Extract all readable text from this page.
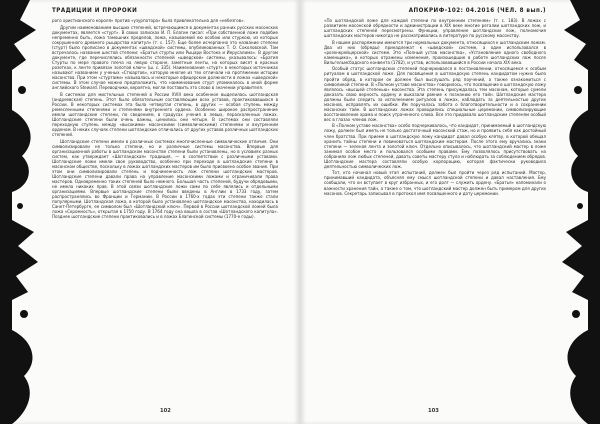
ТРАДИЦИИ И ПРОРОКИ

рого христианского короля» против «узурпатора» была привлекательна для «небезгов».

Другим наименованием высших степеней, встречающимся в документах ранних русских масонских документах, является «стурт». В своих записках И. П. Елагин писал: «При собственной ложе подобие непременно быть, ложа тамошних пределов, ложа, называемой ею особою или стуркою, из которых сокрушенного древнего рыцарства капитул» (т. с. 157). Еще более исчерпанно это название степени (стурт) было прописано в документах «шведской» системы, опубликованных Т. О. Соколовской. Там встречалось название шестой степени: «Братья стурты или Рыцари Востока и Иерусалима». В другом документе, где перечислялись обязанности степеней «шведской» системы, указывалось: «Братия Стурты по мере правого плеча на левую стороне, заметные ленты, на которых висят в красных розетках, к ленте привязан золотой ключ» (ш. с. 335). Наименование «стурт» в некоторых источниках называют названием у ученых «Стюартов», которую многие из тех отличали на протяжении истории масонства. При этом «стуртами» называлась и некоторые офицерские должности в ложах «шведской» системы. В этом случае можно предположить, что наименование стурт упоминалось в иной форме английского Steward. Переводчики, вероятно, могли поставить это слово в значении управителя.

В системах для мистельных степеней в России XVIII века особенное выделилась шотландская (андреевская) степень. Этот было обязательным составляющим всех уставов, практиковавшихся в России. В некоторых системах эта была четвертая степень, в других — особая ступень между ремесленными степенями и степенями внутреннего ордена. Особенно широкое распространение имели шотландские степени, по сведениям, в градусах учения в левых, пераскаленных ложах. Шотландские степени были очень важны, ценились они четыре. В системах они составляли переходную ступень между «высокими» масонскими (символическими) степенями и внутренним орденом. В неких случаях степени шотландские отличались от других уставов различных шотландских степеней.

Шотландские степени имели в различных системах многочисленные символические отличия. Они символизировали не только степени, но и различные системы масонства. Впервые для организационной работы в шотландском масонстве степени были установлены, но в условиях разных систем, как утверждает «Шотландская» традиция, — в соответствии с различными уставами. Шотландские ложи имели свое руководство, особенно при переходе в шотландские степени в масонском обществе, поскольку в ложах шотландских мастеров им было присвоено особое звание. При этом они символизировали степень и подчиненность лож степени шотландских мастеров. Шотландские степени давали права на управление масонскими ложами и ограничивали права мастеров. Одновременно таких степеней было немного. Большая часть степеней, будучи обрядовыми, не имела никаких прав. В этой связи шотландские ложи сами по себе являлись и отдельными организациями. Впервые шотландские степени были введены в Англии в 1733 году, затем распространялись во Франции и Германии. В России в 1760-х годах эти степени также стали популярными. Шотландская ложа, в которой было установлено шотландское масонство, находилась в Санкт-Петербурге, ее символом был «Шотландский ключ». Первой в России шотландской ложей была ложа «Скромность», открытая в 1750 году. В 1764 году она вошла в состав «Шотландского капитула». Позднее шотландские степени практиковались и в ложах Елагинской системы (1770-е годы).

102
АПОКРИФ-102: 04.2016 (ЧЕЛ. 8 вып.)

«По шотландской ложе для каждой степени по внутренним степеням» (т. с. 183). В ложах с развитием масонской обрядности и администрации в XIX веке многие регалии шотландских лож, и шотландских степеней пересмотрены. Функции, управление шотландских лож, полномочия шотландских мастеров никогда не рассматривались в литературе по русскому масонству.

В нашем распоряжении имеются три нормальных документа, относящихся к шотландским ложам. Два из них (обряды) принадлежат к «шведской» системе, а один использовался в «розенкрейцерской» системе. Это «Полный устав масонства», «Установление одного свободного каменщика», в которых отражены изменения, произошедшие в работе шотландских лож после Вильгельмсбадского конвента (1782), и устав, использовавшийся в России начала XIX века.

Особый статус шотландских степеней подчеркивался в постановлении, относящемся к особым ритуалам в шотландской ложе. Для посвящения в шотландскую степень кандидатом нужно было пройти обряд, в котором он должен был выслушать ряд поучений, а также ознакомиться с символикой степени. В «Полном уставе масонства» говорилось, что посвящение в шотландскую ложу являлось «высшей степенью» масонства. Эта степень присуждалась тем масонам, которые сумели доказать свою верность ордену и выказали рвение к познанию его тайн. Шотландские мастера должны были следить за исполнением ритуалов в ложах, наблюдать за деятельностью других масонов, исправлять их ошибки. Им поручалась забота о благотворительности и о сохранении масонских тайн. В шотландских ложах проводились специальные церемонии, символизирующие восстановление храма и поиск утраченного слова. Все это придавало шотландским степеням особый вес в глазах членов лож.

В «Полном уставе масонства» особо подчеркивалось, что кандидат, принимаемый в шотландскую ложу, должен был иметь не только достаточный масонский стаж, но и проявить себя как достойный член братства. При приеме в шотландскую ложу кандидат давал особую клятву, в которой обещал хранить тайны степени и повиноваться шотландским мастерам. После этого ему вручались знаки степени — зеленая лента и золотой ключ. Отдельно описывалось, что шотландский мастер в ложе занимал особое место и пользовался особыми правами. Ему позволялось присутствовать на собраниях лож любых степеней, давать советы мастеру стула и наблюдать за соблюдением обрядов. Шотландские мастера составляли особую корпорацию, которая фактически руководила деятельностью символических лож.

Тот, кто начинал новый этап испытаний, должен был пройти через ряд испытаний. Мастер, принимавший кандидата, объяснял ему смысл шотландской степени и давал наставления. Ему сообщали, что он вступает в круг избранных, и его долг — служить ордену. «Братья» напоминали о важности хранения тайн, а также о том, что шотландский мастер должен быть примером для других масонов. Секретарь записывал в протокол имя посвященного и дату церемонии.

103
